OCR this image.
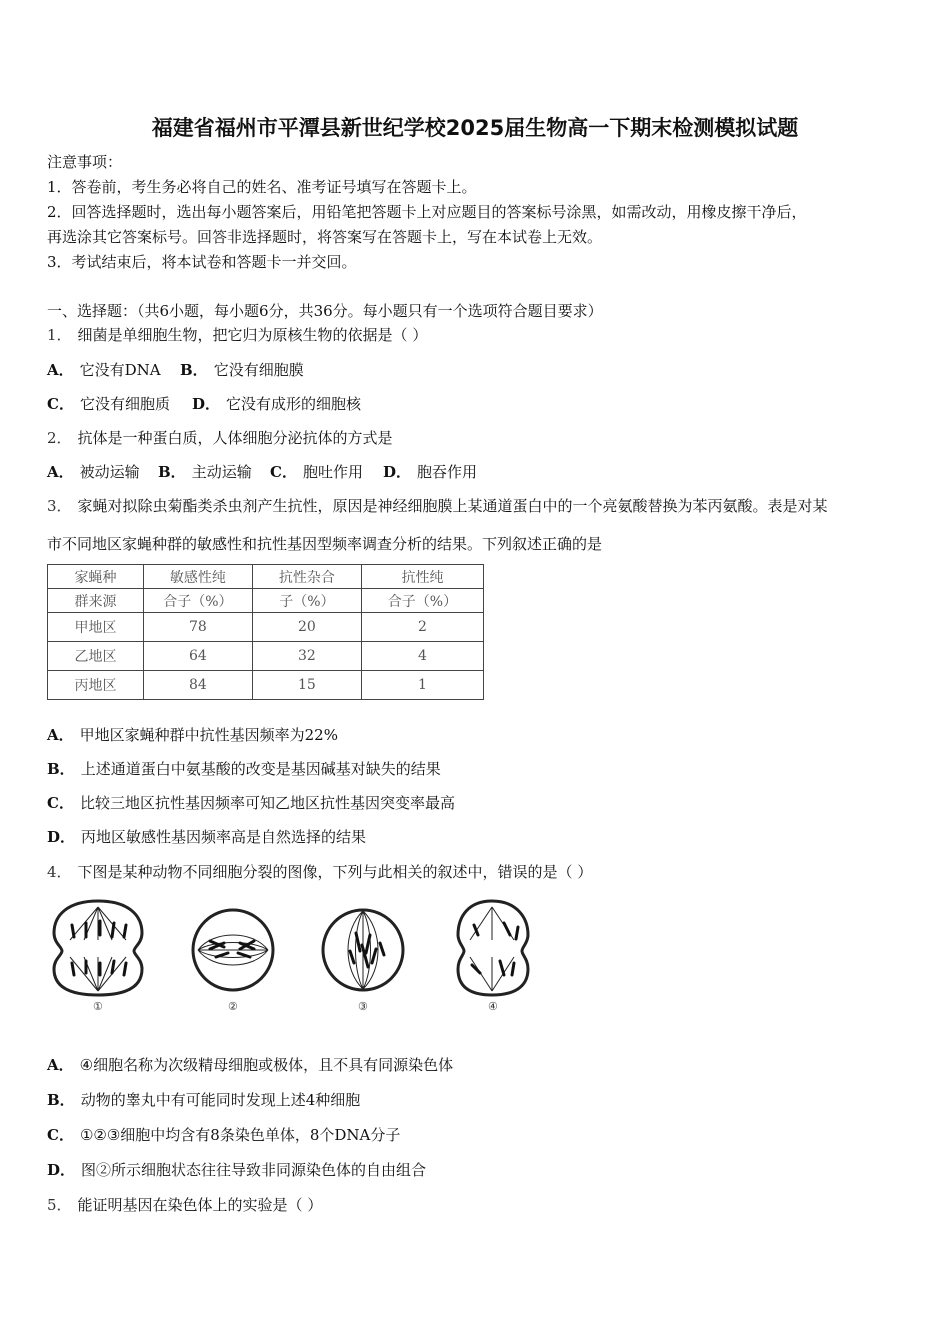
福建省福州市平潭县新世纪学校2025届生物高一下期末检测模拟试题
注意事项：
1．答卷前，考生务必将自己的姓名、准考证号填写在答题卡上。
2．回答选择题时，选出每小题答案后，用铅笔把答题卡上对应题目的答案标号涂黑，如需改动，用橡皮擦干净后，
再选涂其它答案标号。回答非选择题时，将答案写在答题卡上，写在本试卷上无效。
3．考试结束后，将本试卷和答题卡一并交回。
一、选择题：（共6小题，每小题6分，共36分。每小题只有一个选项符合题目要求）
1． 细菌是单细胞生物，把它归为原核生物的依据是（ ）
A． 它没有DNA B． 它没有细胞膜
C． 它没有细胞质 D． 它没有成形的细胞核
2． 抗体是一种蛋白质，人体细胞分泌抗体的方式是
A． 被动运输 B． 主动运输 C． 胞吐作用 D． 胞吞作用
3． 家蝇对拟除虫菊酯类杀虫剂产生抗性，原因是神经细胞膜上某通道蛋白中的一个亮氨酸替换为苯丙氨酸。表是对某
市不同地区家蝇种群的敏感性和抗性基因型频率调查分析的结果。下列叙述正确的是
家蝇种	敏感性纯	抗性杂合	抗性纯
群来源	合子（%）	子（%）	合子（%）
甲地区	78	20	2
乙地区	64	32	4
丙地区	84	15	1
A． 甲地区家蝇种群中抗性基因频率为22%
B． 上述通道蛋白中氨基酸的改变是基因碱基对缺失的结果
C． 比较三地区抗性基因频率可知乙地区抗性基因突变率最高
D． 丙地区敏感性基因频率高是自然选择的结果
4． 下图是某种动物不同细胞分裂的图像，下列与此相关的叙述中，错误的是（ ）
①	②	③	④
A． ④细胞名称为次级精母细胞或极体，且不具有同源染色体
B． 动物的睾丸中有可能同时发现上述4种细胞
C． ①②③细胞中均含有8条染色单体，8个DNA分子
D． 图②所示细胞状态往往导致非同源染色体的自由组合
5． 能证明基因在染色体上的实验是（ ）
